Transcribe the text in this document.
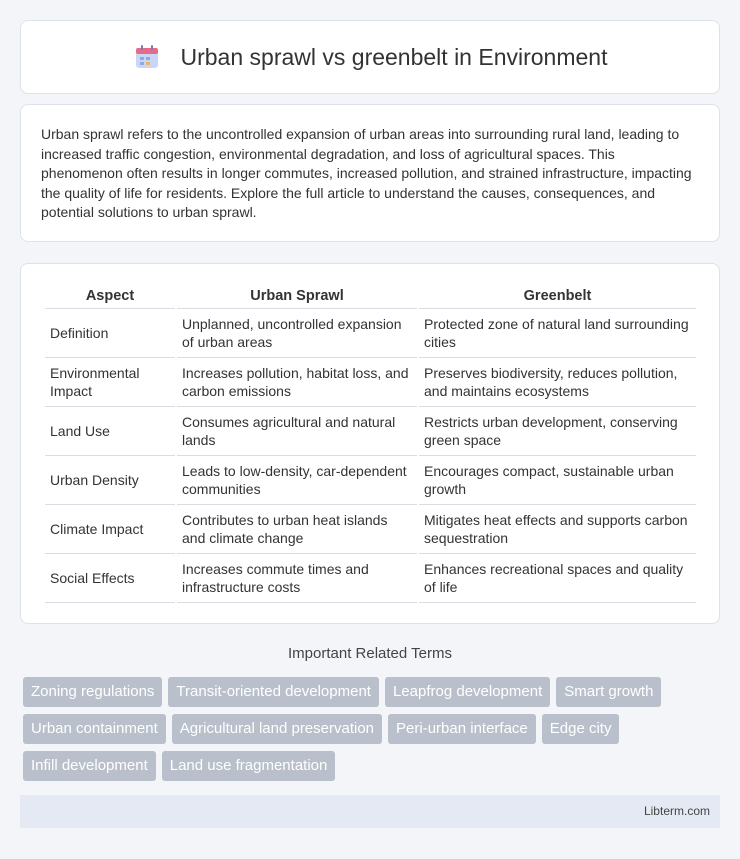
Urban sprawl vs greenbelt in Environment

Urban sprawl refers to the uncontrolled expansion of urban areas into surrounding rural land, leading to increased traffic congestion, environmental degradation, and loss of agricultural spaces. This phenomenon often results in longer commutes, increased pollution, and strained infrastructure, impacting the quality of life for residents. Explore the full article to understand the causes, consequences, and potential solutions to urban sprawl.

Aspect	Urban Sprawl	Greenbelt
Definition	Unplanned, uncontrolled expansion of urban areas	Protected zone of natural land surrounding cities
Environmental Impact	Increases pollution, habitat loss, and carbon emissions	Preserves biodiversity, reduces pollution, and maintains ecosystems
Land Use	Consumes agricultural and natural lands	Restricts urban development, conserving green space
Urban Density	Leads to low-density, car-dependent communities	Encourages compact, sustainable urban growth
Climate Impact	Contributes to urban heat islands and climate change	Mitigates heat effects and supports carbon sequestration
Social Effects	Increases commute times and infrastructure costs	Enhances recreational spaces and quality of life
Important Related Terms
Zoning regulations	Transit-oriented development	Leapfrog development	Smart growth
Urban containment	Agricultural land preservation	Peri-urban interface	Edge city
Infill development	Land use fragmentation
Libterm.com
